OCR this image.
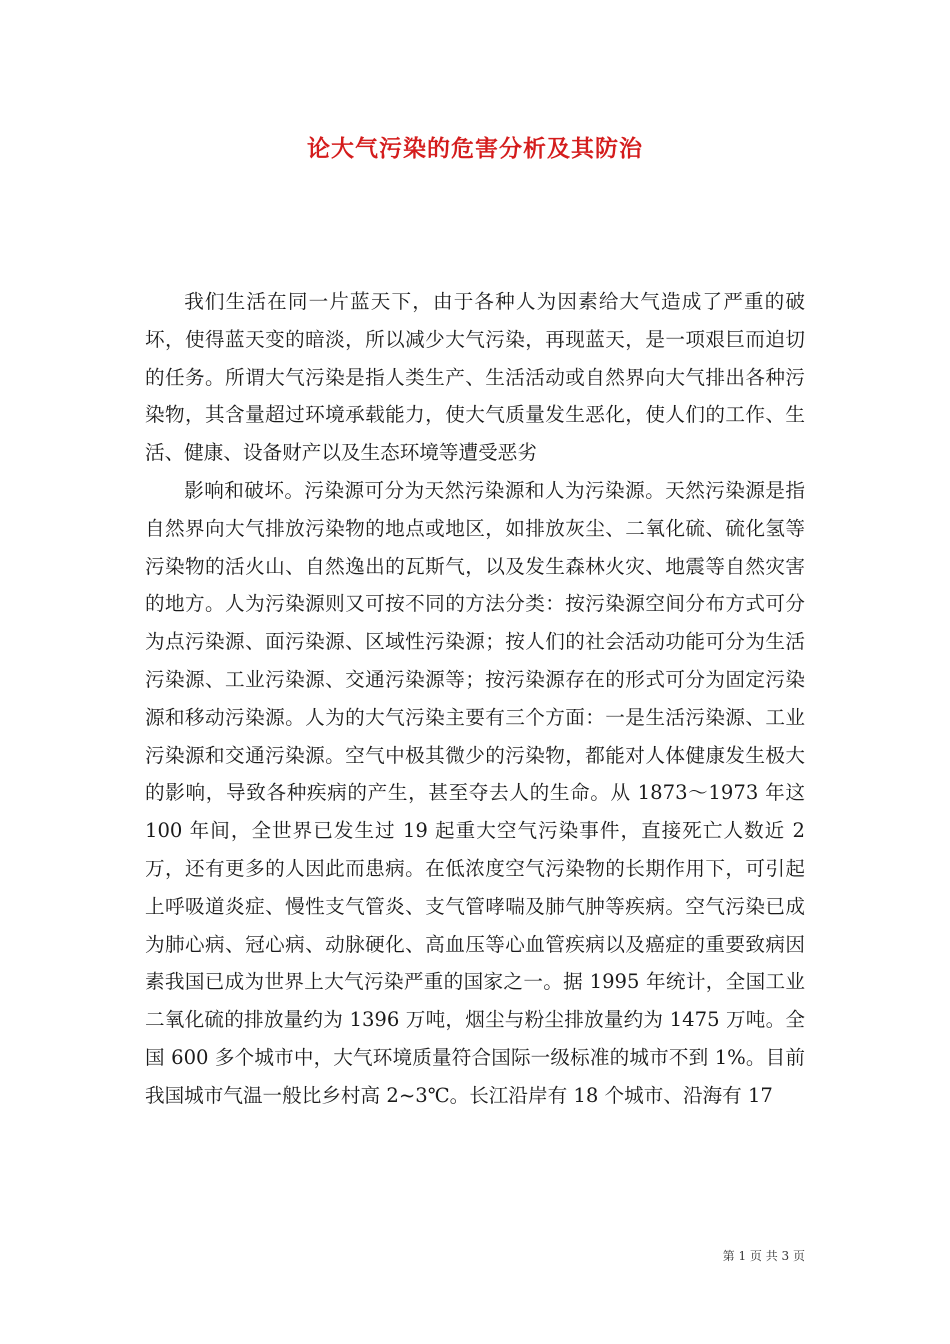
论大气污染的危害分析及其防治

我们生活在同一片蓝天下，由于各种人为因素给大气造成了严重的破坏，使得蓝天变的暗淡，所以减少大气污染，再现蓝天，是一项艰巨而迫切的任务。所谓大气污染是指人类生产、生活活动或自然界向大气排出各种污染物，其含量超过环境承载能力，使大气质量发生恶化，使人们的工作、生活、健康、设备财产以及生态环境等遭受恶劣

影响和破坏。污染源可分为天然污染源和人为污染源。天然污染源是指自然界向大气排放污染物的地点或地区，如排放灰尘、二氧化硫、硫化氢等污染物的活火山、自然逸出的瓦斯气，以及发生森林火灾、地震等自然灾害的地方。人为污染源则又可按不同的方法分类：按污染源空间分布方式可分为点污染源、面污染源、区域性污染源；按人们的社会活动功能可分为生活污染源、工业污染源、交通污染源等；按污染源存在的形式可分为固定污染源和移动污染源。人为的大气污染主要有三个方面：一是生活污染源、工业污染源和交通污染源。空气中极其微少的污染物，都能对人体健康发生极大的影响，导致各种疾病的产生，甚至夺去人的生命。从 1873～1973 年这 100 年间，全世界已发生过 19 起重大空气污染事件，直接死亡人数近 2 万，还有更多的人因此而患病。在低浓度空气污染物的长期作用下，可引起上呼吸道炎症、慢性支气管炎、支气管哮喘及肺气肿等疾病。空气污染已成为肺心病、冠心病、动脉硬化、高血压等心血管疾病以及癌症的重要致病因素我国已成为世界上大气污染严重的国家之一。据 1995 年统计，全国工业二氧化硫的排放量约为 1396 万吨，烟尘与粉尘排放量约为 1475 万吨。全国 600 多个城市中，大气环境质量符合国际一级标准的城市不到 1%。目前我国城市气温一般比乡村高 2~3℃。长江沿岸有 18 个城市、沿海有 17

第 1 页 共 3 页
